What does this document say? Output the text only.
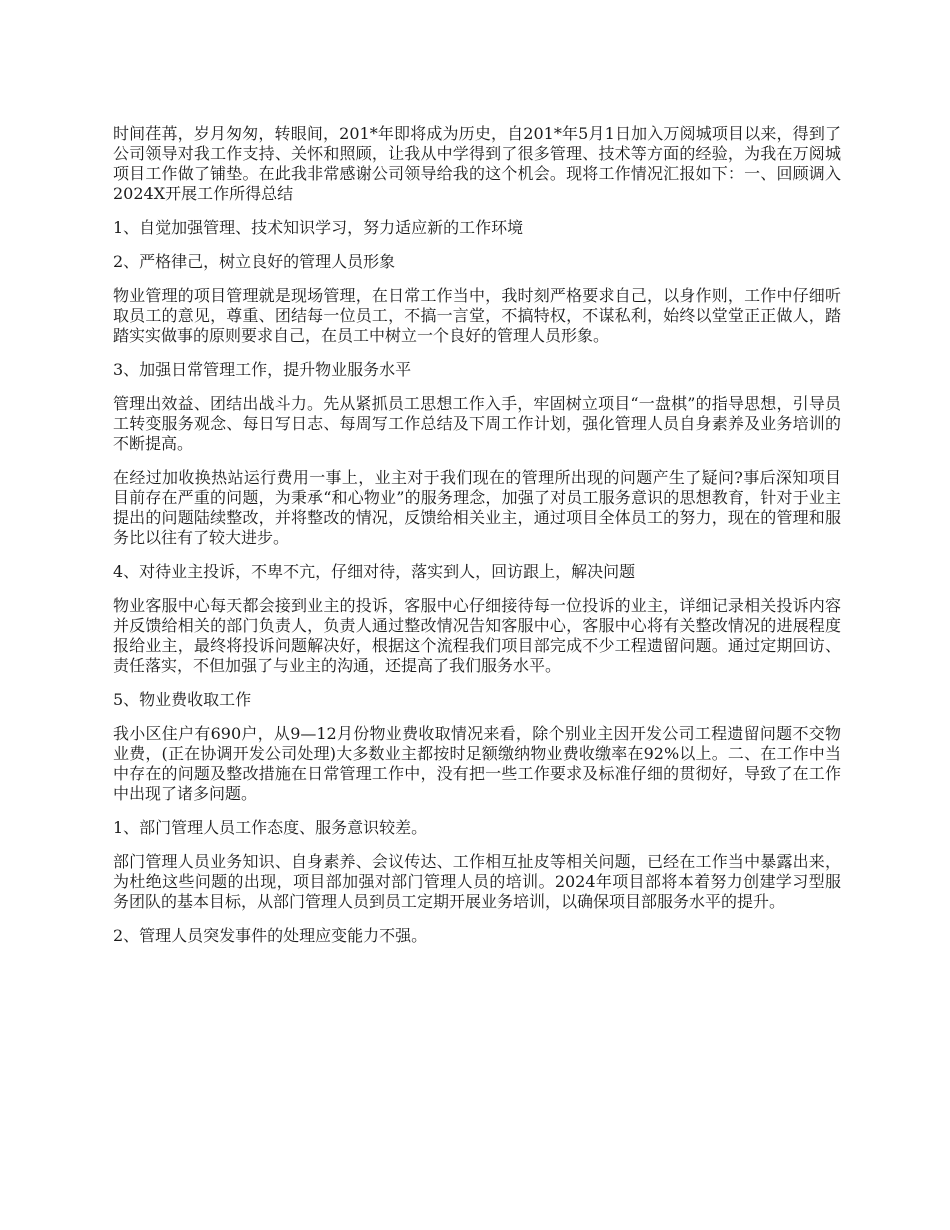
时间荏苒，岁月匆匆，转眼间，201*年即将成为历史，自201*年5月1日加入万阅城项目以来，得到了公司领导对我工作支持、关怀和照顾，让我从中学得到了很多管理、技术等方面的经验，为我在万阅城项目工作做了铺垫。在此我非常感谢公司领导给我的这个机会。现将工作情况汇报如下：一、回顾调入2024X开展工作所得总结

1、自觉加强管理、技术知识学习，努力适应新的工作环境

2、严格律己，树立良好的管理人员形象

物业管理的项目管理就是现场管理，在日常工作当中，我时刻严格要求自己，以身作则，工作中仔细听取员工的意见，尊重、团结每一位员工，不搞一言堂，不搞特权，不谋私利，始终以堂堂正正做人，踏踏实实做事的原则要求自己，在员工中树立一个良好的管理人员形象。

3、加强日常管理工作，提升物业服务水平

管理出效益、团结出战斗力。先从紧抓员工思想工作入手，牢固树立项目“一盘棋”的指导思想，引导员工转变服务观念、每日写日志、每周写工作总结及下周工作计划，强化管理人员自身素养及业务培训的不断提高。

在经过加收换热站运行费用一事上，业主对于我们现在的管理所出现的问题产生了疑问?事后深知项目目前存在严重的问题，为秉承“和心物业”的服务理念，加强了对员工服务意识的思想教育，针对于业主提出的问题陆续整改，并将整改的情况，反馈给相关业主，通过项目全体员工的努力，现在的管理和服务比以往有了较大进步。

4、对待业主投诉，不卑不亢，仔细对待，落实到人，回访跟上，解决问题

物业客服中心每天都会接到业主的投诉，客服中心仔细接待每一位投诉的业主，详细记录相关投诉内容并反馈给相关的部门负责人，负责人通过整改情况告知客服中心，客服中心将有关整改情况的进展程度报给业主，最终将投诉问题解决好，根据这个流程我们项目部完成不少工程遗留问题。通过定期回访、责任落实，不但加强了与业主的沟通，还提高了我们服务水平。

5、物业费收取工作

我小区住户有690户，从9—12月份物业费收取情况来看，除个别业主因开发公司工程遗留问题不交物业费，(正在协调开发公司处理)大多数业主都按时足额缴纳物业费收缴率在92%以上。二、在工作中当中存在的问题及整改措施在日常管理工作中，没有把一些工作要求及标准仔细的贯彻好，导致了在工作中出现了诸多问题。

1、部门管理人员工作态度、服务意识较差。

部门管理人员业务知识、自身素养、会议传达、工作相互扯皮等相关问题，已经在工作当中暴露出来，为杜绝这些问题的出现，项目部加强对部门管理人员的培训。2024年项目部将本着努力创建学习型服务团队的基本目标，从部门管理人员到员工定期开展业务培训，以确保项目部服务水平的提升。

2、管理人员突发事件的处理应变能力不强。
